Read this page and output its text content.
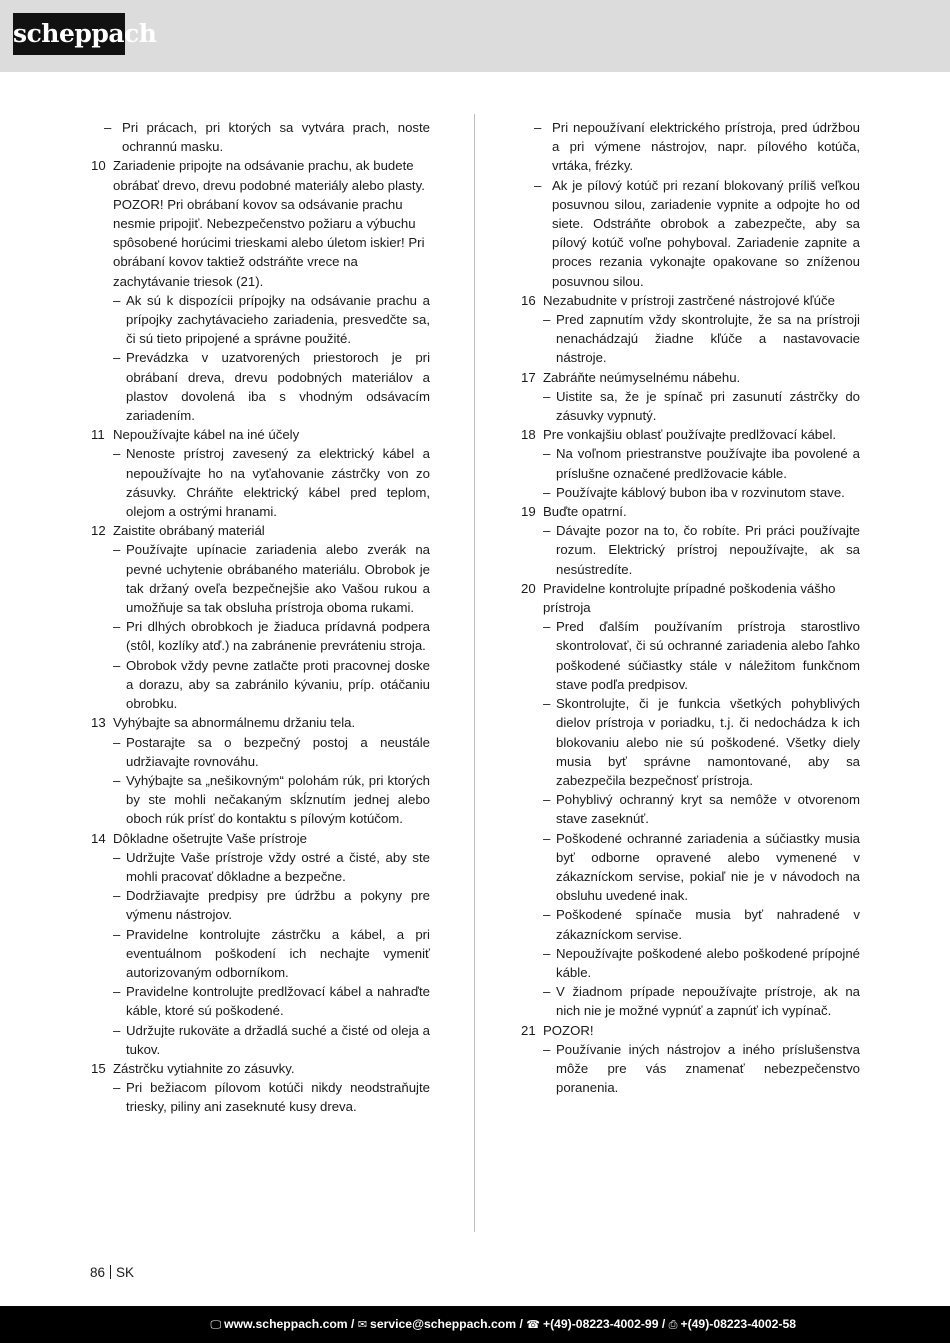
scheppach
– Pri prácach, pri ktorých sa vytvára prach, noste ochrannú masku.
10 Zariadenie pripojte na odsávanie prachu, ak budete obrábať drevo, drevu podobné materiály alebo plasty. POZOR! Pri obrábaní kovov sa odsávanie prachu nesmie pripojiť. Nebezpečenstvo požiaru a výbuchu spôsobené horúcimi trieskami alebo úletom iskier! Pri obrábaní kovov taktiež odstráňte vrece na zachytávanie triesok (21).
– Ak sú k dispozícii prípojky na odsávanie prachu a prípojky zachytávacieho zariadenia, presvedčte sa, či sú tieto pripojené a správne použité.
– Prevádzka v uzatvorených priestoroch je pri obrábaní dreva, drevu podobných materiálov a plastov dovolená iba s vhodným odsávacím zariadením.
11 Nepoužívajte kábel na iné účely
– Nenoste prístroj zavesený za elektrický kábel a nepoužívajte ho na vyťahovanie zástrčky von zo zásuvky. Chráňte elektrický kábel pred teplom, olejom a ostrými hranami.
12 Zaistite obrábaný materiál
– Používajte upínacie zariadenia alebo zverák na pevné uchytenie obrábaného materiálu. Obrobok je tak držaný oveľa bezpečnejšie ako Vašou rukou a umožňuje sa tak obsluha prístroja oboma rukami.
– Pri dlhých obrobkoch je žiaduca prídavná podpera (stôl, kozlíky atď.) na zabránenie prevráteniu stroja.
– Obrobok vždy pevne zatlačte proti pracovnej doske a dorazu, aby sa zabránilo kývaniu, príp. otáčaniu obrobku.
13 Vyhýbajte sa abnormálnemu držaniu tela.
– Postarajte sa o bezpečný postoj a neustále udržiavajte rovnováhu.
– Vyhýbajte sa „nešikovným“ polohám rúk, pri ktorých by ste mohli nečakaným skĺznutím jednej alebo oboch rúk prísť do kontaktu s pílovým kotúčom.
14 Dôkladne ošetrujte Vaše prístroje
– Udržujte Vaše prístroje vždy ostré a čisté, aby ste mohli pracovať dôkladne a bezpečne.
– Dodržiavajte predpisy pre údržbu a pokyny pre výmenu nástrojov.
– Pravidelne kontrolujte zástrčku a kábel, a pri eventuálnom poškodení ich nechajte vymeniť autorizovaným odborníkom.
– Pravidelne kontrolujte predlžovací kábel a nahraďte káble, ktoré sú poškodené.
– Udržujte rukoväte a držadlá suché a čisté od oleja a tukov.
15 Zástrčku vytiahnite zo zásuvky.
– Pri bežiacom pílovom kotúči nikdy neodstraňujte triesky, piliny ani zaseknuté kusy dreva.
– Pri nepoužívaní elektrického prístroja, pred údržbou a pri výmene nástrojov, napr. pílového kotúča, vrtáka, frézky.
– Ak je pílový kotúč pri rezaní blokovaný príliš veľkou posuvnou silou, zariadenie vypnite a odpojte ho od siete. Odstráňte obrobok a zabezpečte, aby sa pílový kotúč voľne pohyboval. Zariadenie zapnite a proces rezania vykonajte opakovane so zníženou posuvnou silou.
16 Nezabudnite v prístroji zastrčené nástrojové kľúče
– Pred zapnutím vždy skontrolujte, že sa na prístroji nenachádzajú žiadne kľúče a nastavovacie nástroje.
17 Zabráňte neúmyselnému nábehu.
– Uistite sa, že je spínač pri zasunutí zástrčky do zásuvky vypnutý.
18 Pre vonkajšiu oblasť používajte predlžovací kábel.
– Na voľnom priestranstve používajte iba povolené a príslušne označené predlžovacie káble.
– Používajte káblový bubon iba v rozvinutom stave.
19 Buďte opatrní.
– Dávajte pozor na to, čo robíte. Pri práci používajte rozum. Elektrický prístroj nepoužívajte, ak sa nesústredíte.
20 Pravidelne kontrolujte prípadné poškodenia vášho prístroja
– Pred ďalším používaním prístroja starostlivo skontrolovať, či sú ochranné zariadenia alebo ľahko poškodené súčiastky stále v náležitom funkčnom stave podľa predpisov.
– Skontrolujte, či je funkcia všetkých pohyblivých dielov prístroja v poriadku, t.j. či nedochádza k ich blokovaniu alebo nie sú poškodené. Všetky diely musia byť správne namontované, aby sa zabezpečila bezpečnosť prístroja.
– Pohyblivý ochranný kryt sa nemôže v otvorenom stave zaseknúť.
– Poškodené ochranné zariadenia a súčiastky musia byť odborne opravené alebo vymenené v zákazníckom servise, pokiaľ nie je v návodoch na obsluhu uvedené inak.
– Poškodené spínače musia byť nahradené v zákazníckom servise.
– Nepoužívajte poškodené alebo poškodené prípojné káble.
– V žiadnom prípade nepoužívajte prístroje, ak na nich nie je možné vypnúť a zapnúť ich vypínač.
21 POZOR!
– Používanie iných nástrojov a iného príslušenstva môže pre vás znamenať nebezpečenstvo poranenia.
86 SK
🖵 www.scheppach.com / ✉ service@scheppach.com / ☎ +(49)-08223-4002-99 / ⎙ +(49)-08223-4002-58
